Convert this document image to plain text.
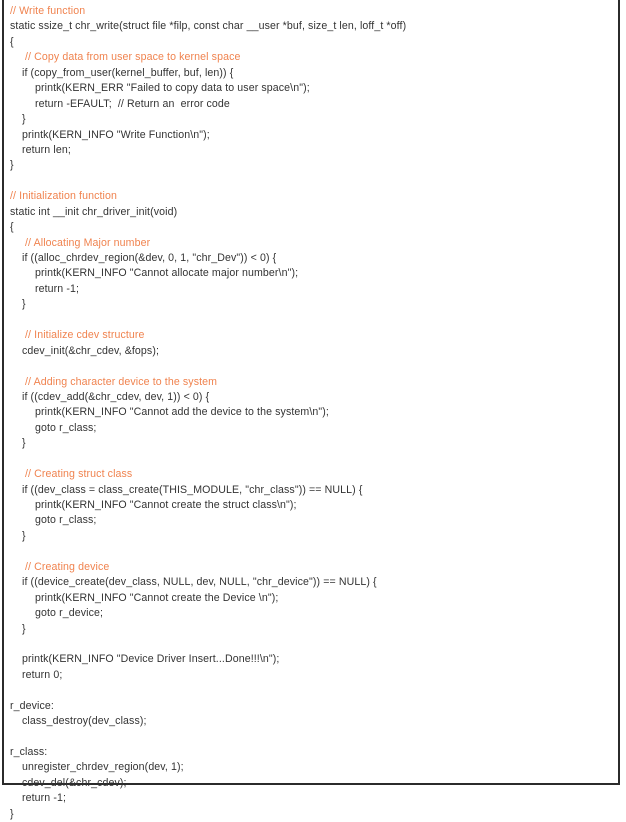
// Write function
static ssize_t chr_write(struct file *filp, const char __user *buf, size_t len, loff_t *off)
{
// Copy data from user space to kernel space
if (copy_from_user(kernel_buffer, buf, len)) {
printk(KERN_ERR "Failed to copy data to user space\n");
return -EFAULT;  // Return an  error code
}
printk(KERN_INFO "Write Function\n");
return len;
}

// Initialization function
static int __init chr_driver_init(void)
{
// Allocating Major number
if ((alloc_chrdev_region(&dev, 0, 1, "chr_Dev")) < 0) {
printk(KERN_INFO "Cannot allocate major number\n");
return -1;
}

// Initialize cdev structure
cdev_init(&chr_cdev, &fops);

// Adding character device to the system
if ((cdev_add(&chr_cdev, dev, 1)) < 0) {
printk(KERN_INFO "Cannot add the device to the system\n");
goto r_class;
}

// Creating struct class
if ((dev_class = class_create(THIS_MODULE, "chr_class")) == NULL) {
printk(KERN_INFO "Cannot create the struct class\n");
goto r_class;
}

// Creating device
if ((device_create(dev_class, NULL, dev, NULL, "chr_device")) == NULL) {
printk(KERN_INFO "Cannot create the Device \n");
goto r_device;
}

printk(KERN_INFO "Device Driver Insert...Done!!!\n");
return 0;

r_device:
class_destroy(dev_class);

r_class:
unregister_chrdev_region(dev, 1);
cdev_del(&chr_cdev);
return -1;
}
